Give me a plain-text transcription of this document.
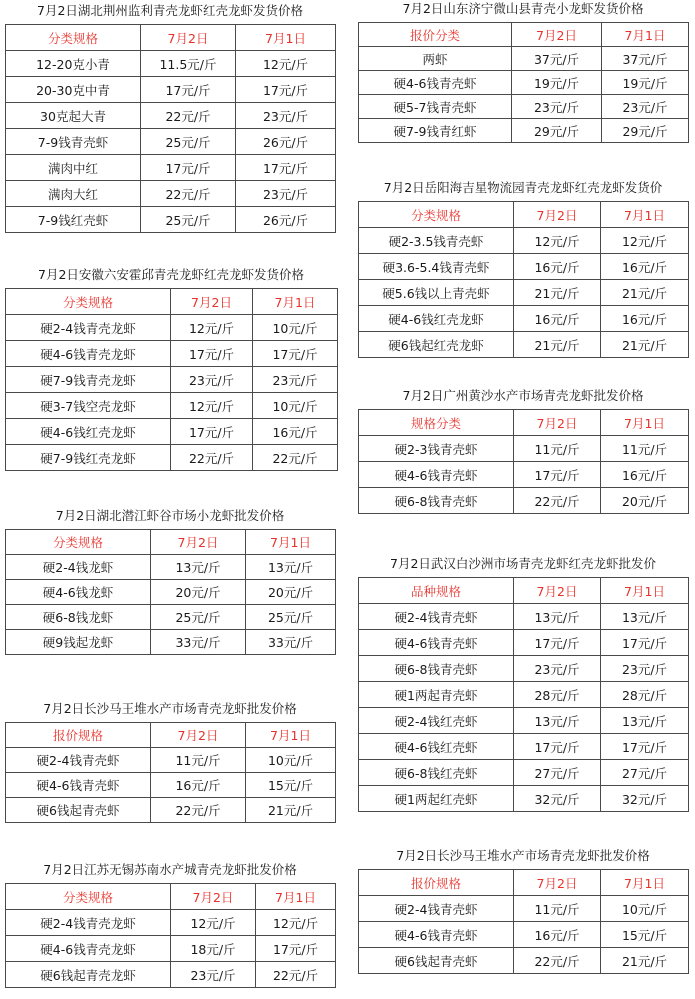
7月2日湖北荆州监利青壳龙虾红壳龙虾发货价格
分类规格	7月2日	7月1日
12-20克小青	11.5元/斤	12元/斤
20-30克中青	17元/斤	17元/斤
30克起大青	22元/斤	23元/斤
7-9钱青壳虾	25元/斤	26元/斤
满肉中红	17元/斤	17元/斤
满肉大红	22元/斤	23元/斤
7-9钱红壳虾	25元/斤	26元/斤
7月2日安徽六安霍邱青壳龙虾红壳龙虾发货价格
分类规格	7月2日	7月1日
硬2-4钱青壳龙虾	12元/斤	10元/斤
硬4-6钱青壳龙虾	17元/斤	17元/斤
硬7-9钱青壳龙虾	23元/斤	23元/斤
硬3-7钱空壳龙虾	12元/斤	10元/斤
硬4-6钱红壳龙虾	17元/斤	16元/斤
硬7-9钱红壳龙虾	22元/斤	22元/斤
7月2日湖北潜江虾谷市场小龙虾批发价格
分类规格	7月2日	7月1日
硬2-4钱龙虾	13元/斤	13元/斤
硬4-6钱龙虾	20元/斤	20元/斤
硬6-8钱龙虾	25元/斤	25元/斤
硬9钱起龙虾	33元/斤	33元/斤
7月2日长沙马王堆水产市场青壳龙虾批发价格
报价规格	7月2日	7月1日
硬2-4钱青壳虾	11元/斤	10元/斤
硬4-6钱青壳虾	16元/斤	15元/斤
硬6钱起青壳虾	22元/斤	21元/斤
7月2日江苏无锡苏南水产城青壳龙虾批发价格
分类规格	7月2日	7月1日
硬2-4钱青壳龙虾	12元/斤	12元/斤
硬4-6钱青壳龙虾	18元/斤	17元/斤
硬6钱起青壳龙虾	23元/斤	22元/斤
7月2日山东济宁微山县青壳小龙虾发货价格
报价分类	7月2日	7月1日
两虾	37元/斤	37元/斤
硬4-6钱青壳虾	19元/斤	19元/斤
硬5-7钱青壳虾	23元/斤	23元/斤
硬7-9钱青红虾	29元/斤	29元/斤
7月2日岳阳海吉星物流园青壳龙虾红壳龙虾发货价
分类规格	7月2日	7月1日
硬2-3.5钱青壳虾	12元/斤	12元/斤
硬3.6-5.4钱青壳虾	16元/斤	16元/斤
硬5.6钱以上青壳虾	21元/斤	21元/斤
硬4-6钱红壳龙虾	16元/斤	16元/斤
硬6钱起红壳龙虾	21元/斤	21元/斤
7月2日广州黄沙水产市场青壳龙虾批发价格
规格分类	7月2日	7月1日
硬2-3钱青壳虾	11元/斤	11元/斤
硬4-6钱青壳虾	17元/斤	16元/斤
硬6-8钱青壳虾	22元/斤	20元/斤
7月2日武汉白沙洲市场青壳龙虾红壳龙虾批发价
品种规格	7月2日	7月1日
硬2-4钱青壳虾	13元/斤	13元/斤
硬4-6钱青壳虾	17元/斤	17元/斤
硬6-8钱青壳虾	23元/斤	23元/斤
硬1两起青壳虾	28元/斤	28元/斤
硬2-4钱红壳虾	13元/斤	13元/斤
硬4-6钱红壳虾	17元/斤	17元/斤
硬6-8钱红壳虾	27元/斤	27元/斤
硬1两起红壳虾	32元/斤	32元/斤
7月2日长沙马王堆水产市场青壳龙虾批发价格
报价规格	7月2日	7月1日
硬2-4钱青壳虾	11元/斤	10元/斤
硬4-6钱青壳虾	16元/斤	15元/斤
硬6钱起青壳虾	22元/斤	21元/斤
